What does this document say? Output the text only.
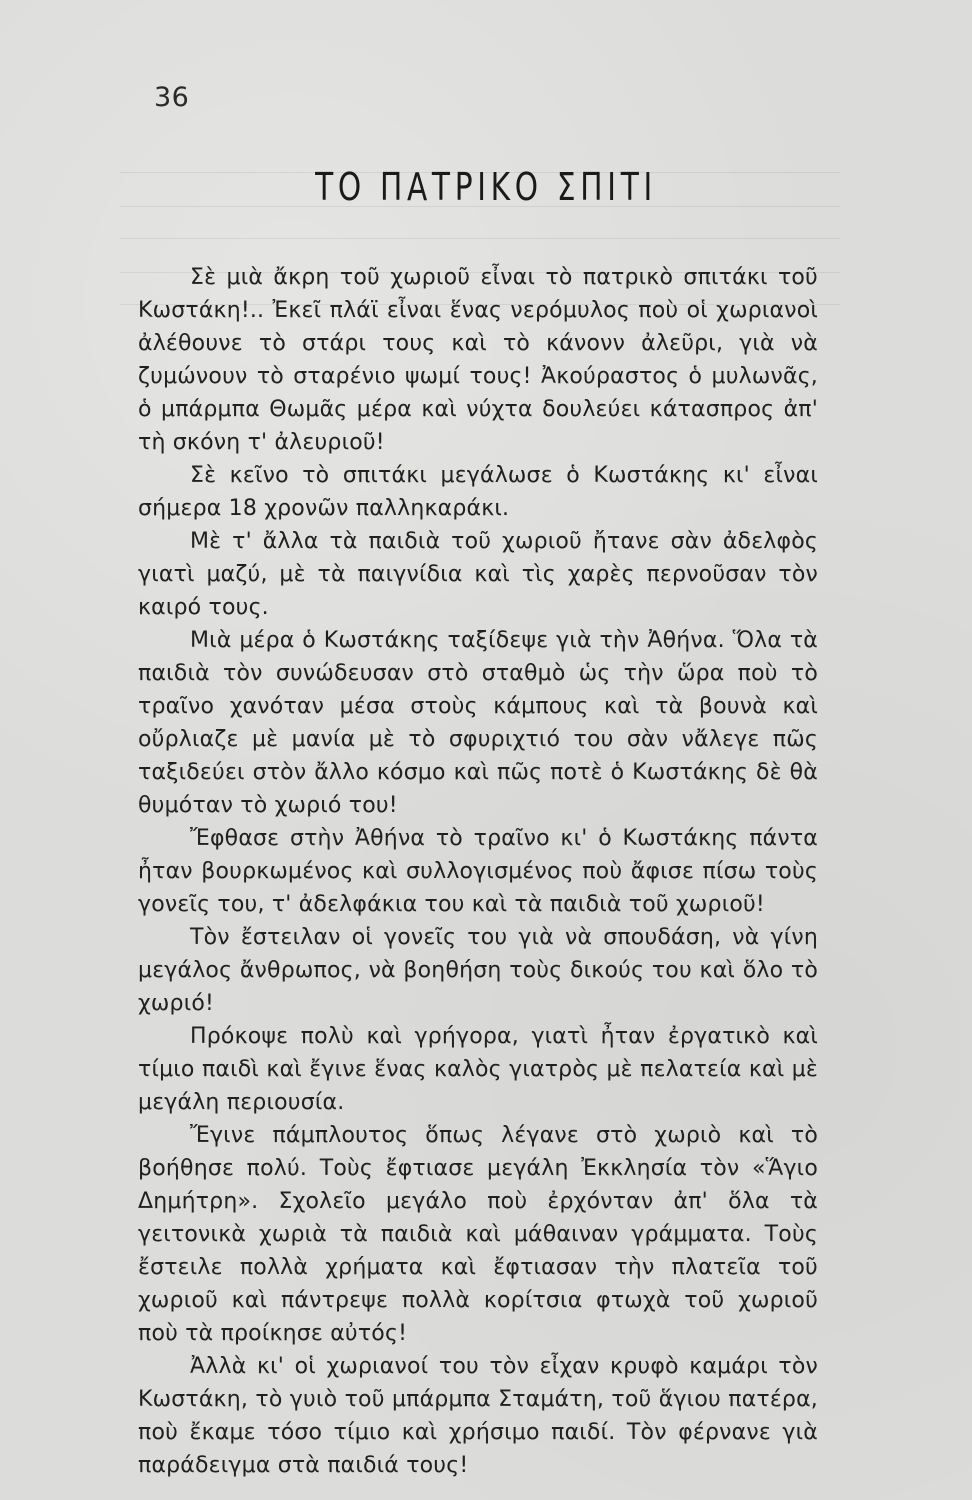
36
ΤΟ ΠΑΤΡΙΚΟ ΣΠΙΤΙ

Σὲ μιὰ ἄκρη τοῦ χωριοῦ εἶναι τὸ πατρικὸ σπιτάκι τοῦ Κωστάκη!.. Ἐκεῖ πλάϊ εἶναι ἕνας νερόμυλος ποὺ οἱ χωριανοὶ ἀλέθουνε τὸ στάρι τους καὶ τὸ κάνονν ἀλεῦρι, γιὰ νὰ ζυμώνουν τὸ σταρένιο ψωμί τους! Ἀκούραστος ὁ μυλωνᾶς, ὁ μπάρμπα Θωμᾶς μέρα καὶ νύχτα δουλεύει κάτασπρος ἀπ' τὴ σκόνη τ' ἀλευριοῦ!

Σὲ κεῖνο τὸ σπιτάκι μεγάλωσε ὁ Κωστάκης κι' εἶναι σήμερα 18 χρονῶν παλληκαράκι.

Μὲ τ' ἄλλα τὰ παιδιὰ τοῦ χωριοῦ ἤτανε σὰν ἀδελφὸς γιατὶ μαζύ, μὲ τὰ παιγνίδια καὶ τὶς χαρὲς περνοῦσαν τὸν καιρό τους.

Μιὰ μέρα ὁ Κωστάκης ταξίδεψε γιὰ τὴν Ἀθήνα. Ὅλα τὰ παιδιὰ τὸν συνώδευσαν στὸ σταθμὸ ὡς τὴν ὥρα ποὺ τὸ τραῖνο χανόταν μέσα στοὺς κάμπους καὶ τὰ βουνὰ καὶ οὔρλιαζε μὲ μανία μὲ τὸ σφυριχτιό του σὰν νἄλεγε πῶς ταξιδεύει στὸν ἄλλο κόσμο καὶ πῶς ποτὲ ὁ Κωστάκης δὲ θὰ θυμόταν τὸ χωριό του!

Ἔφθασε στὴν Ἀθήνα τὸ τραῖνο κι' ὁ Κωστάκης πάντα ἦταν βουρκωμένος καὶ συλλογισμένος ποὺ ἄφισε πίσω τοὺς γονεῖς του, τ' ἀδελφάκια του καὶ τὰ παιδιὰ τοῦ χωριοῦ!

Τὸν ἔστειλαν οἱ γονεῖς του γιὰ νὰ σπουδάση, νὰ γίνη μεγάλος ἄνθρωπος, νὰ βοηθήση τοὺς δικούς του καὶ ὅλο τὸ χωριό!

Πρόκοψε πολὺ καὶ γρήγορα, γιατὶ ἦταν ἐργατικὸ καὶ τίμιο παιδὶ καὶ ἔγινε ἕνας καλὸς γιατρὸς μὲ πελατεία καὶ μὲ μεγάλη περιουσία.

Ἔγινε πάμπλουτος ὅπως λέγανε στὸ χωριὸ καὶ τὸ βοήθησε πολύ. Τοὺς ἔφτιασε μεγάλη Ἐκκλησία τὸν «Ἅγιο Δημήτρη». Σχολεῖο μεγάλο ποὺ ἐρχόνταν ἀπ' ὅλα τὰ γειτονικὰ χωριὰ τὰ παιδιὰ καὶ μάθαιναν γράμματα. Τοὺς ἔστειλε πολλὰ χρήματα καὶ ἔφτιασαν τὴν πλατεῖα τοῦ χωριοῦ καὶ πάντρεψε πολλὰ κορίτσια φτωχὰ τοῦ χωριοῦ ποὺ τὰ προίκησε αὐτός!

Ἀλλὰ κι' οἱ χωριανοί του τὸν εἶχαν κρυφὸ καμάρι τὸν Κωστάκη, τὸ γυιὸ τοῦ μπάρμπα Σταμάτη, τοῦ ἅγιου πατέρα, ποὺ ἔκαμε τόσο τίμιο καὶ χρήσιμο παιδί. Τὸν φέρνανε γιὰ παράδειγμα στὰ παιδιά τους!
